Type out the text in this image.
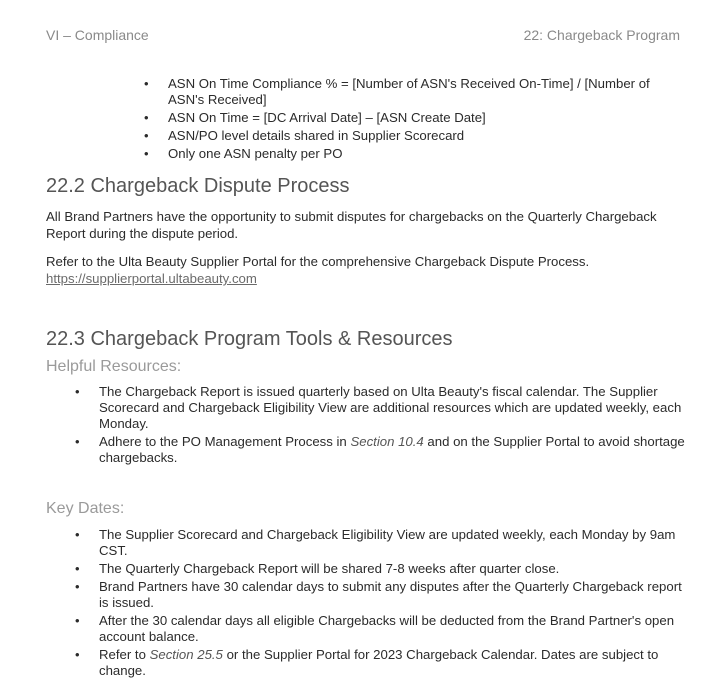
VI – Compliance	22: Chargeback Program
• ASN On Time Compliance % = [Number of ASN's Received On-Time] / [Number of ASN's Received]
• ASN On Time = [DC Arrival Date] – [ASN Create Date]
• ASN/PO level details shared in Supplier Scorecard
• Only one ASN penalty per PO
22.2 Chargeback Dispute Process

All Brand Partners have the opportunity to submit disputes for chargebacks on the Quarterly Chargeback Report during the dispute period.

Refer to the Ulta Beauty Supplier Portal for the comprehensive Chargeback Dispute Process.
https://supplierportal.ultabeauty.com

22.3 Chargeback Program Tools & Resources
Helpful Resources:
• The Chargeback Report is issued quarterly based on Ulta Beauty's fiscal calendar. The Supplier Scorecard and Chargeback Eligibility View are additional resources which are updated weekly, each Monday.
• Adhere to the PO Management Process in Section 10.4 and on the Supplier Portal to avoid shortage chargebacks.
Key Dates:
• The Supplier Scorecard and Chargeback Eligibility View are updated weekly, each Monday by 9am CST.
• The Quarterly Chargeback Report will be shared 7-8 weeks after quarter close.
• Brand Partners have 30 calendar days to submit any disputes after the Quarterly Chargeback report is issued.
• After the 30 calendar days all eligible Chargebacks will be deducted from the Brand Partner's open account balance.
• Refer to Section 25.5 or the Supplier Portal for 2023 Chargeback Calendar. Dates are subject to change.
